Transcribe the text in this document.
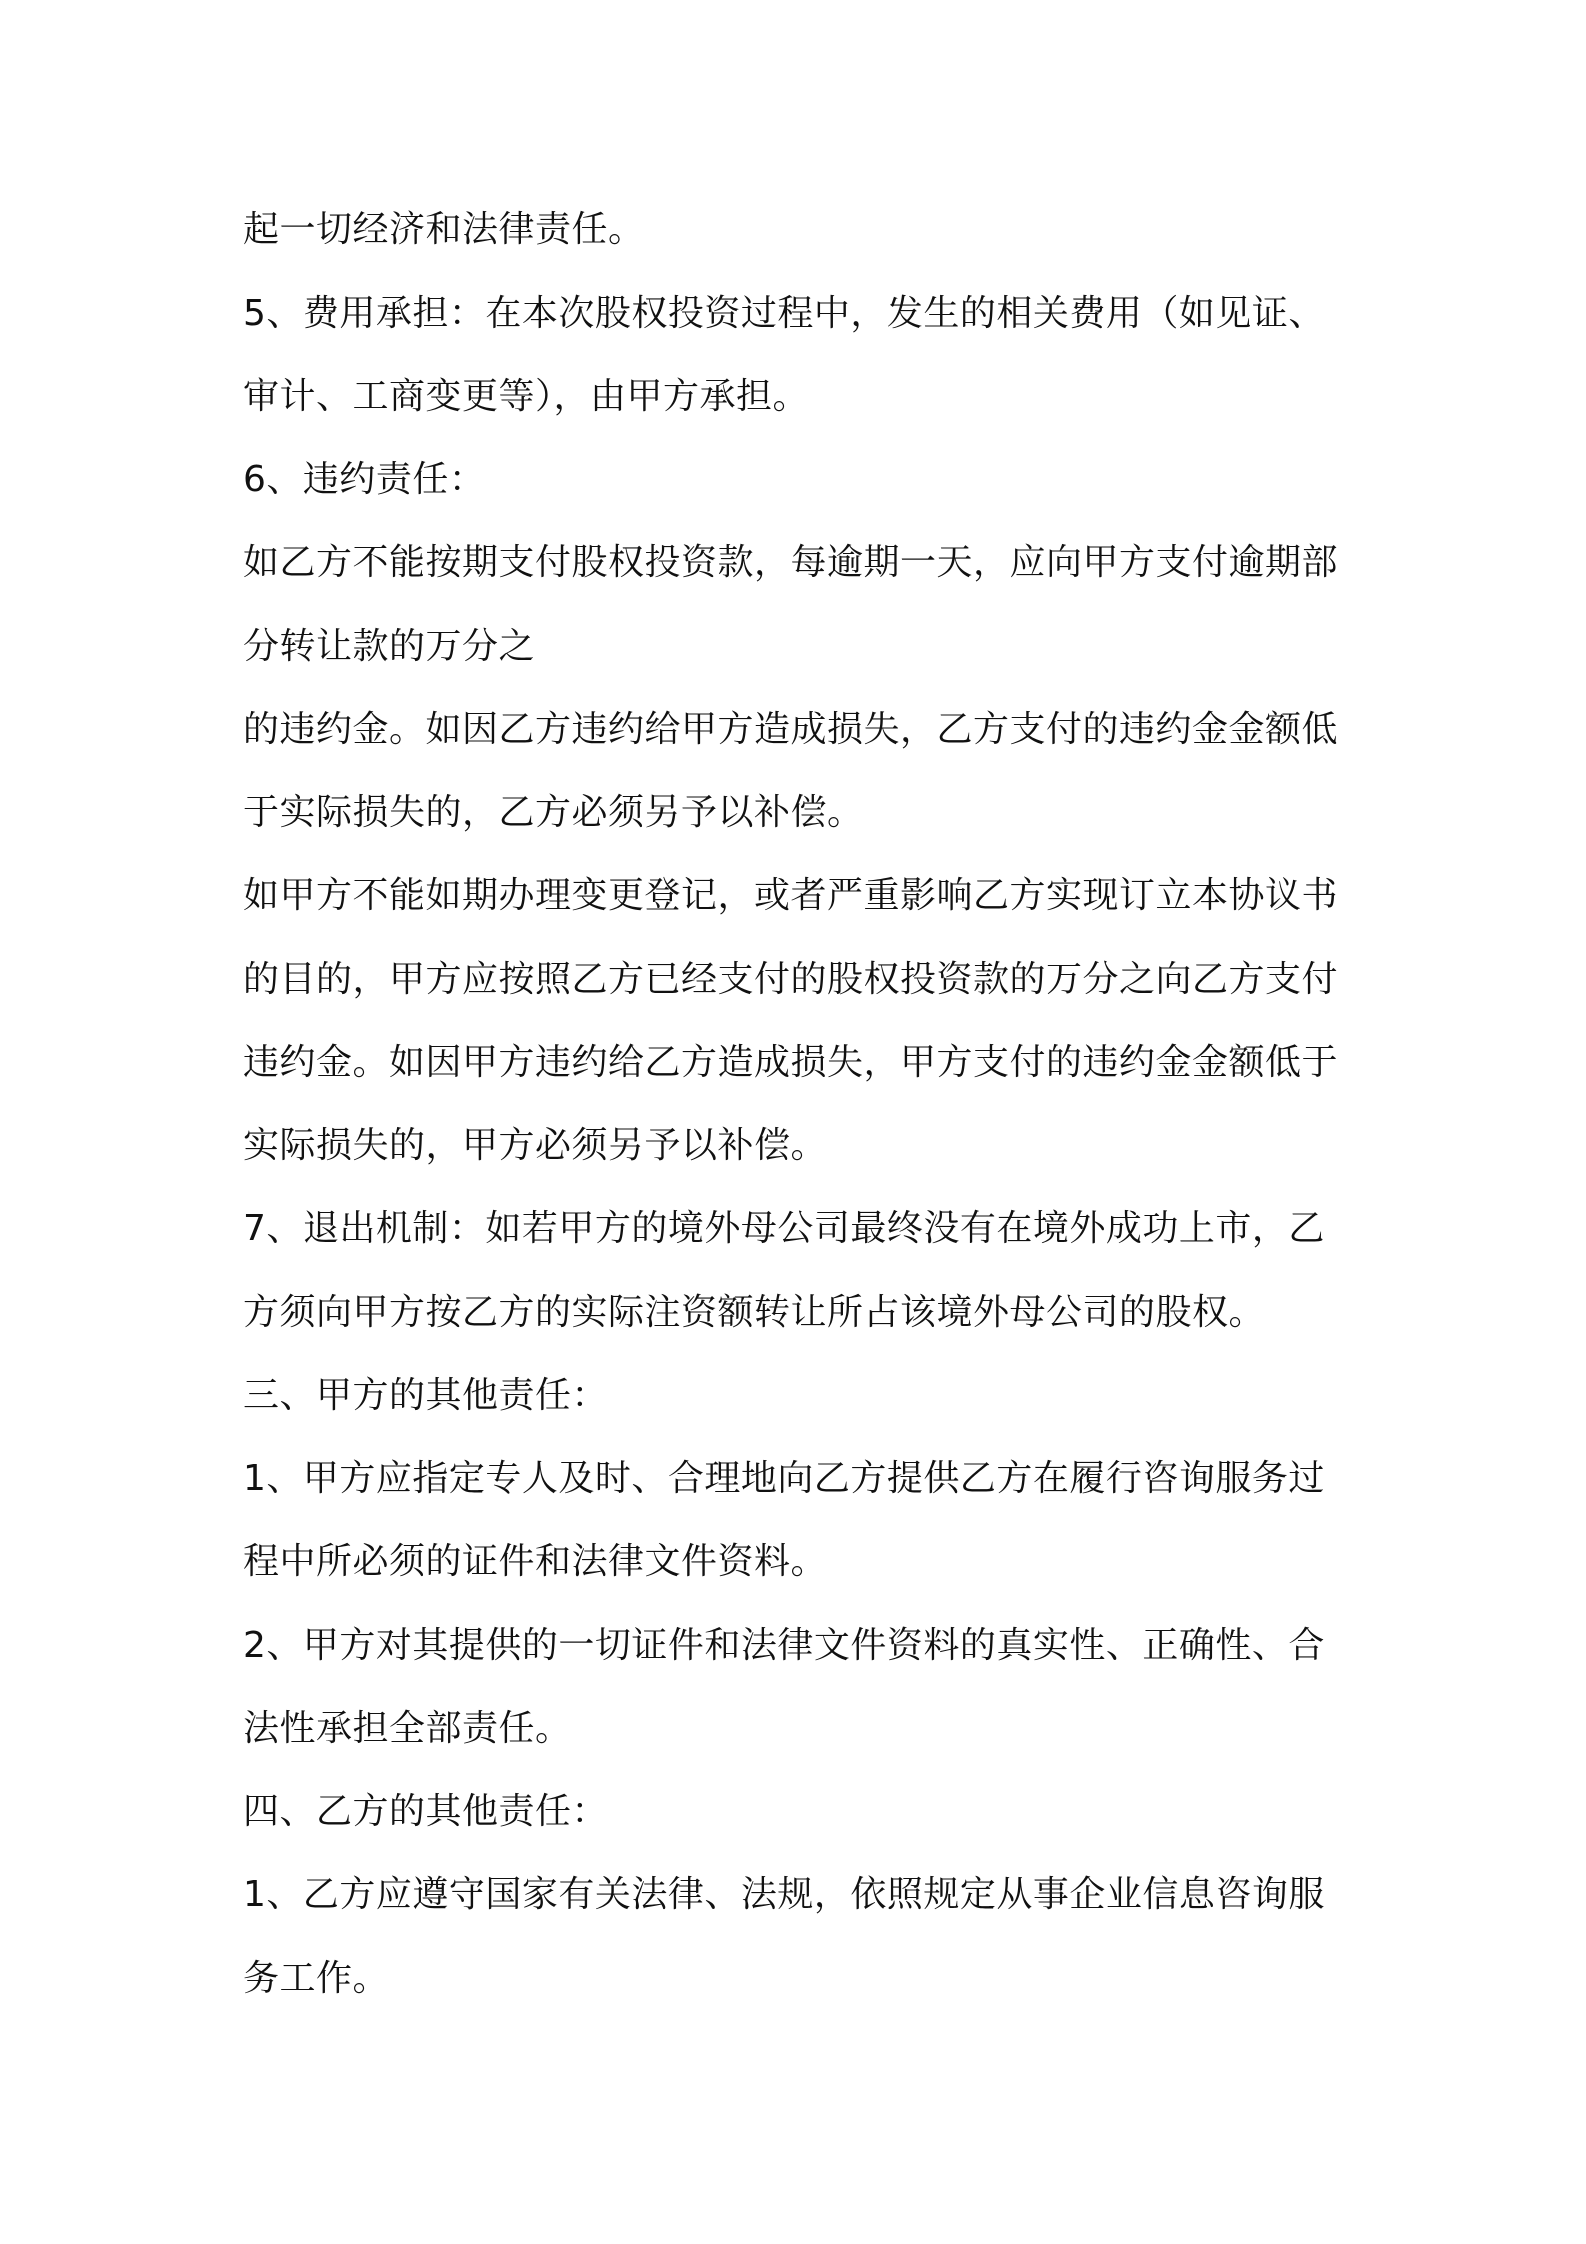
起一切经济和法律责任。
5、费用承担：在本次股权投资过程中，发生的相关费用（如见证、
审计、工商变更等），由甲方承担。
6、违约责任：
如乙方不能按期支付股权投资款，每逾期一天，应向甲方支付逾期部
分转让款的万分之
的违约金。如因乙方违约给甲方造成损失，乙方支付的违约金金额低
于实际损失的，乙方必须另予以补偿。
如甲方不能如期办理变更登记，或者严重影响乙方实现订立本协议书
的目的，甲方应按照乙方已经支付的股权投资款的万分之向乙方支付
违约金。如因甲方违约给乙方造成损失，甲方支付的违约金金额低于
实际损失的，甲方必须另予以补偿。
7、退出机制：如若甲方的境外母公司最终没有在境外成功上市，乙
方须向甲方按乙方的实际注资额转让所占该境外母公司的股权。
三、甲方的其他责任：
1、甲方应指定专人及时、合理地向乙方提供乙方在履行咨询服务过
程中所必须的证件和法律文件资料。
2、甲方对其提供的一切证件和法律文件资料的真实性、正确性、合
法性承担全部责任。
四、乙方的其他责任：
1、乙方应遵守国家有关法律、法规，依照规定从事企业信息咨询服
务工作。
